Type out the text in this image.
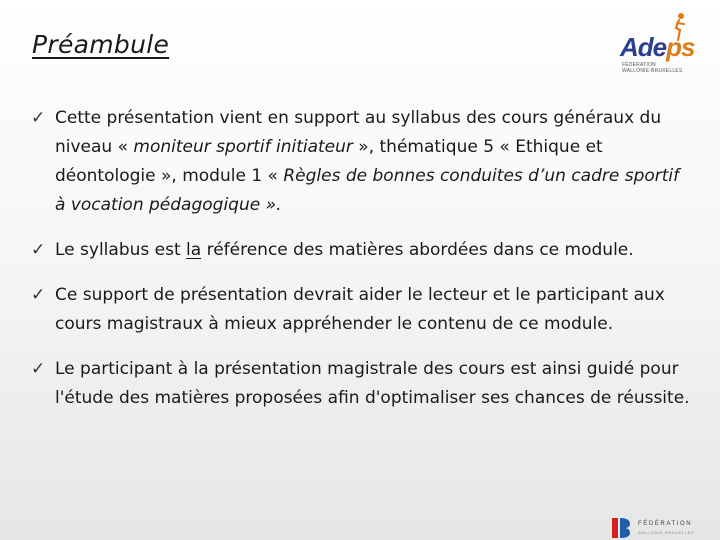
Préambule	Adeps
FÉDÉRATION
WALLONIE-BRUXELLES
✓ Cette présentation vient en support au syllabus des cours généraux du niveau « moniteur sportif initiateur », thématique 5 « Ethique et déontologie », module 1 « Règles de bonnes conduites d’un cadre sportif à vocation pédagogique ».
✓ Le syllabus est la référence des matières abordées dans ce module.
✓ Ce support de présentation devrait aider le lecteur et le participant aux cours magistraux à mieux appréhender le contenu de ce module.
✓ Le participant à la présentation magistrale des cours est ainsi guidé pour l'étude des matières proposées afin d'optimaliser ses chances de réussite.
FÉDÉRATION
WALLONIE-BRUXELLES
